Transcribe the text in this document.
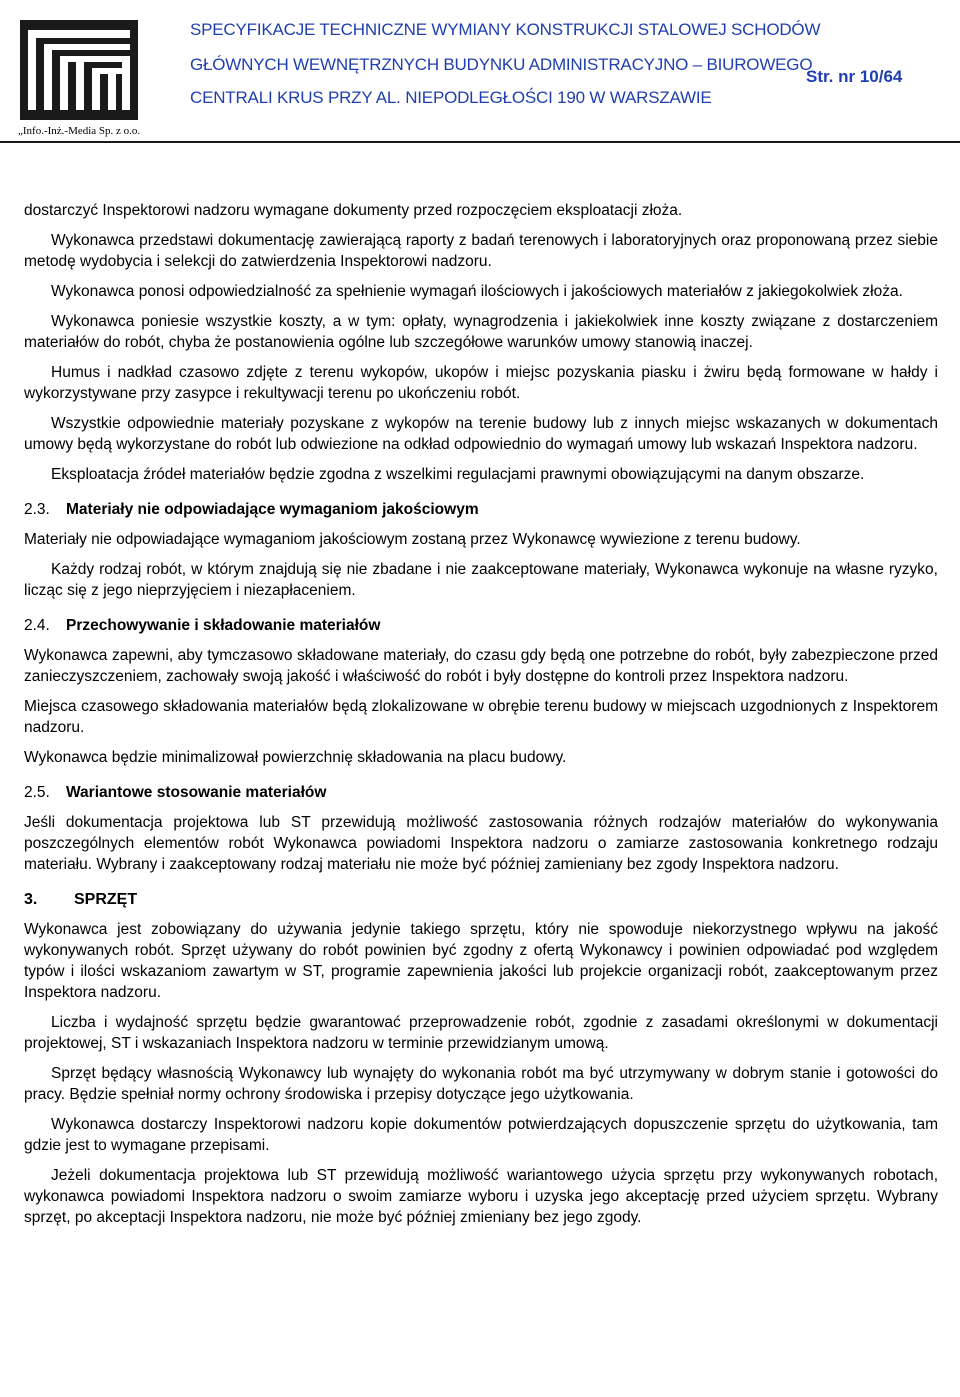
SPECYFIKACJE TECHNICZNE WYMIANY KONSTRUKCJI STALOWEJ SCHODÓW
GŁÓWNYCH WEWNĘTRZNYCH BUDYNKU ADMINISTRACYJNO – BIUROWEGO
CENTRALI KRUS PRZY AL. NIEPODLEGŁOŚCI 190 W WARSZAWIE
Str. nr 10/64
„Info.-Inż.-Media Sp. z o.o.

dostarczyć Inspektorowi nadzoru wymagane dokumenty przed rozpoczęciem eksploatacji złoża.

Wykonawca przedstawi dokumentację zawierającą raporty z badań terenowych i laboratoryjnych oraz proponowaną przez siebie metodę wydobycia i selekcji do zatwierdzenia Inspektorowi nadzoru.

Wykonawca ponosi odpowiedzialność za spełnienie wymagań ilościowych i jakościowych materiałów z jakiegokolwiek złoża.

Wykonawca poniesie wszystkie koszty, a w tym: opłaty, wynagrodzenia i jakiekolwiek inne koszty związane z dostarczeniem materiałów do robót, chyba że postanowienia ogólne lub szczegółowe warunków umowy stanowią inaczej.

Humus i nadkład czasowo zdjęte z terenu wykopów, ukopów i miejsc pozyskania piasku i żwiru będą formowane w hałdy i wykorzystywane przy zasypce i rekultywacji terenu po ukończeniu robót.

Wszystkie odpowiednie materiały pozyskane z wykopów na terenie budowy lub z innych miejsc wskazanych w dokumentach umowy będą wykorzystane do robót lub odwiezione na odkład odpowiednio do wymagań umowy lub wskazań Inspektora nadzoru.

Eksploatacja źródeł materiałów będzie zgodna z wszelkimi regulacjami prawnymi obowiązującymi na danym obszarze.

2.3. Materiały nie odpowiadające wymaganiom jakościowym

Materiały nie odpowiadające wymaganiom jakościowym zostaną przez Wykonawcę wywiezione z terenu budowy.

Każdy rodzaj robót, w którym znajdują się nie zbadane i nie zaakceptowane materiały, Wykonawca wykonuje na własne ryzyko, licząc się z jego nieprzyjęciem i niezapłaceniem.

2.4. Przechowywanie i składowanie materiałów

Wykonawca zapewni, aby tymczasowo składowane materiały, do czasu gdy będą one potrzebne do robót, były zabezpieczone przed zanieczyszczeniem, zachowały swoją jakość i właściwość do robót i były dostępne do kontroli przez Inspektora nadzoru.

Miejsca czasowego składowania materiałów będą zlokalizowane w obrębie terenu budowy w miejscach uzgodnionych z Inspektorem nadzoru.

Wykonawca będzie minimalizował powierzchnię składowania na placu budowy.

2.5. Wariantowe stosowanie materiałów

Jeśli dokumentacja projektowa lub ST przewidują możliwość zastosowania różnych rodzajów materiałów do wykonywania poszczególnych elementów robót Wykonawca powiadomi Inspektora nadzoru o zamiarze zastosowania konkretnego rodzaju materiału. Wybrany i zaakceptowany rodzaj materiału nie może być później zamieniany bez zgody Inspektora nadzoru.

3. SPRZĘT

Wykonawca jest zobowiązany do używania jedynie takiego sprzętu, który nie spowoduje niekorzystnego wpływu na jakość wykonywanych robót. Sprzęt używany do robót powinien być zgodny z ofertą Wykonawcy i powinien odpowiadać pod względem typów i ilości wskazaniom zawartym w ST, programie zapewnienia jakości lub projekcie organizacji robót, zaakceptowanym przez Inspektora nadzoru.

Liczba i wydajność sprzętu będzie gwarantować przeprowadzenie robót, zgodnie z zasadami określonymi w dokumentacji projektowej, ST i wskazaniach Inspektora nadzoru w terminie przewidzianym umową.

Sprzęt będący własnością Wykonawcy lub wynajęty do wykonania robót ma być utrzymywany w dobrym stanie i gotowości do pracy. Będzie spełniał normy ochrony środowiska i przepisy dotyczące jego użytkowania.

Wykonawca dostarczy Inspektorowi nadzoru kopie dokumentów potwierdzających dopuszczenie sprzętu do użytkowania, tam gdzie jest to wymagane przepisami.

Jeżeli dokumentacja projektowa lub ST przewidują możliwość wariantowego użycia sprzętu przy wykonywanych robotach, wykonawca powiadomi Inspektora nadzoru o swoim zamiarze wyboru i uzyska jego akceptację przed użyciem sprzętu. Wybrany sprzęt, po akceptacji Inspektora nadzoru, nie może być później zmieniany bez jego zgody.
